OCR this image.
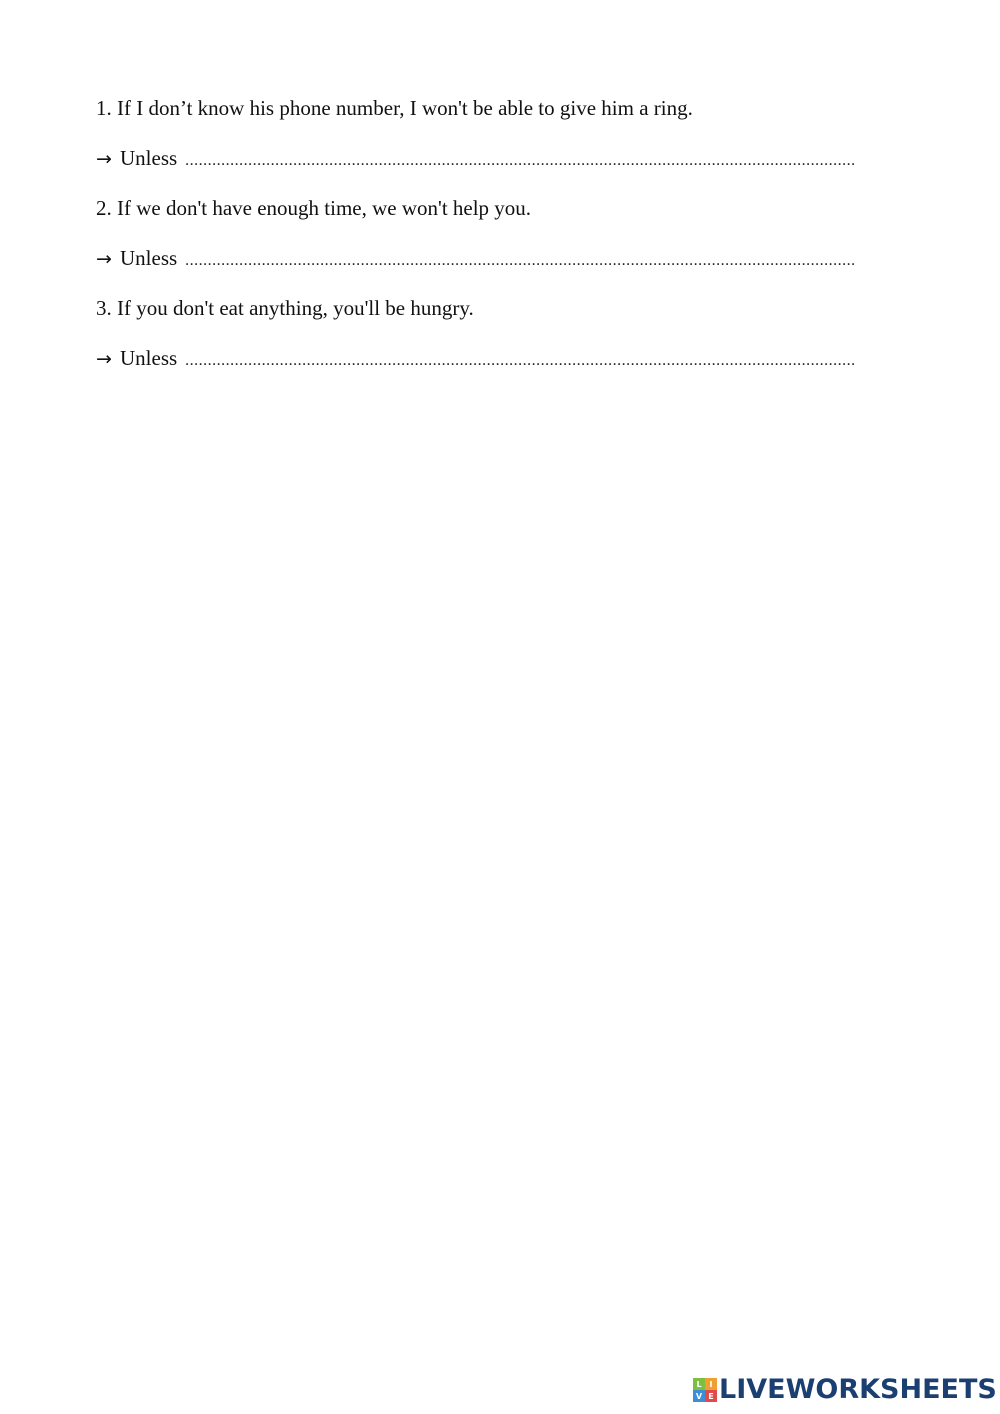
1. If I don’t know his phone number, I won't be able to give him a ring.
→ Unless .....................................................................................................................................................
2. If we don't have enough time, we won't help you.
→ Unless .....................................................................................................................................................
3. If you don't eat anything, you'll be hungry.
→ Unless .....................................................................................................................................................
L I
V E LIVEWORKSHEETS
